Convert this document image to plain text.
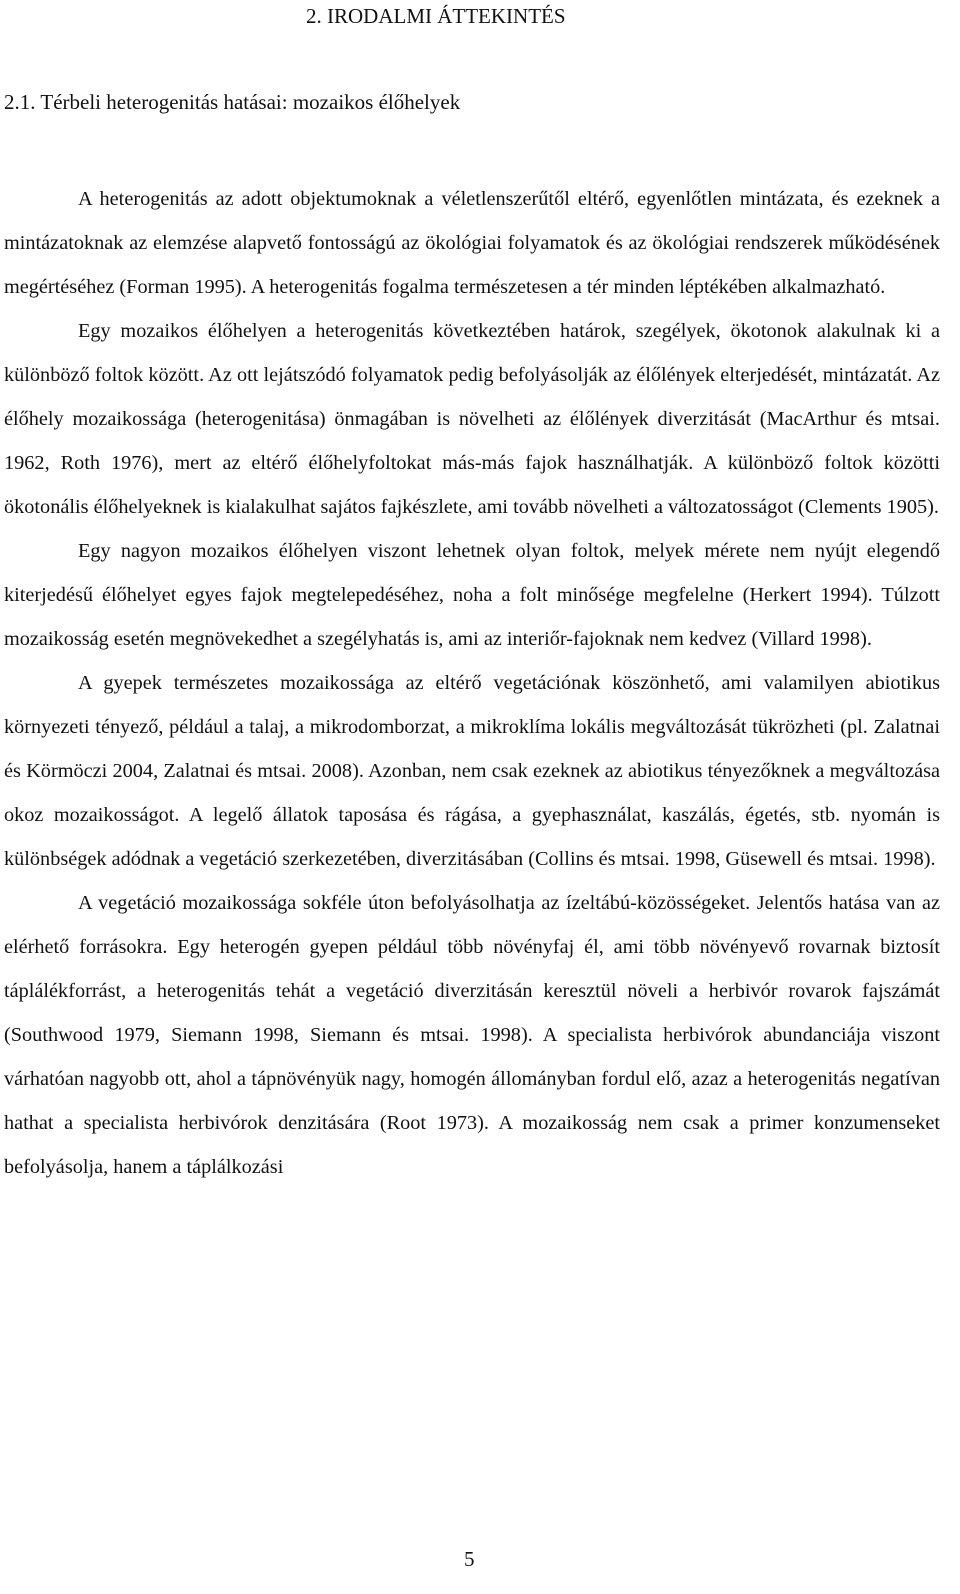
2. IRODALMI ÁTTEKINTÉS
2.1. Térbeli heterogenitás hatásai: mozaikos élőhelyek

A heterogenitás az adott objektumoknak a véletlenszerűtől eltérő, egyenlőtlen mintázata, és ezeknek a mintázatoknak az elemzése alapvető fontosságú az ökológiai folyamatok és az ökológiai rendszerek működésének megértéséhez (Forman 1995). A heterogenitás fogalma természetesen a tér minden léptékében alkalmazható.

Egy mozaikos élőhelyen a heterogenitás következtében határok, szegélyek, ökotonok alakulnak ki a különböző foltok között. Az ott lejátszódó folyamatok pedig befolyásolják az élőlények elterjedését, mintázatát. Az élőhely mozaikossága (heterogenitása) önmagában is növelheti az élőlények diverzitását (MacArthur és mtsai. 1962, Roth 1976), mert az eltérő élőhelyfoltokat más-más fajok használhatják. A különböző foltok közötti ökotonális élőhelyeknek is kialakulhat sajátos fajkészlete, ami tovább növelheti a változatosságot (Clements 1905).

Egy nagyon mozaikos élőhelyen viszont lehetnek olyan foltok, melyek mérete nem nyújt elegendő kiterjedésű élőhelyet egyes fajok megtelepedéséhez, noha a folt minősége megfelelne (Herkert 1994). Túlzott mozaikosság esetén megnövekedhet a szegélyhatás is, ami az interiőr-fajoknak nem kedvez (Villard 1998).

A gyepek természetes mozaikossága az eltérő vegetációnak köszönhető, ami valamilyen abiotikus környezeti tényező, például a talaj, a mikrodomborzat, a mikroklíma lokális megváltozását tükrözheti (pl. Zalatnai és Körmöczi 2004, Zalatnai és mtsai. 2008). Azonban, nem csak ezeknek az abiotikus tényezőknek a megváltozása okoz mozaikosságot. A legelő állatok taposása és rágása, a gyephasználat, kaszálás, égetés, stb. nyomán is különbségek adódnak a vegetáció szerkezetében, diverzitásában (Collins és mtsai. 1998, Güsewell és mtsai. 1998).

A vegetáció mozaikossága sokféle úton befolyásolhatja az ízeltábú-közösségeket. Jelentős hatása van az elérhető forrásokra. Egy heterogén gyepen például több növényfaj él, ami több növényevő rovarnak biztosít táplálékforrást, a heterogenitás tehát a vegetáció diverzitásán keresztül növeli a herbivór rovarok fajszámát (Southwood 1979, Siemann 1998, Siemann és mtsai. 1998). A specialista herbivórok abundanciája viszont várhatóan nagyobb ott, ahol a tápnövényük nagy, homogén állományban fordul elő, azaz a heterogenitás negatívan hathat a specialista herbivórok denzitására (Root 1973). A mozaikosság nem csak a primer konzumenseket befolyásolja, hanem a táplálkozási

5
